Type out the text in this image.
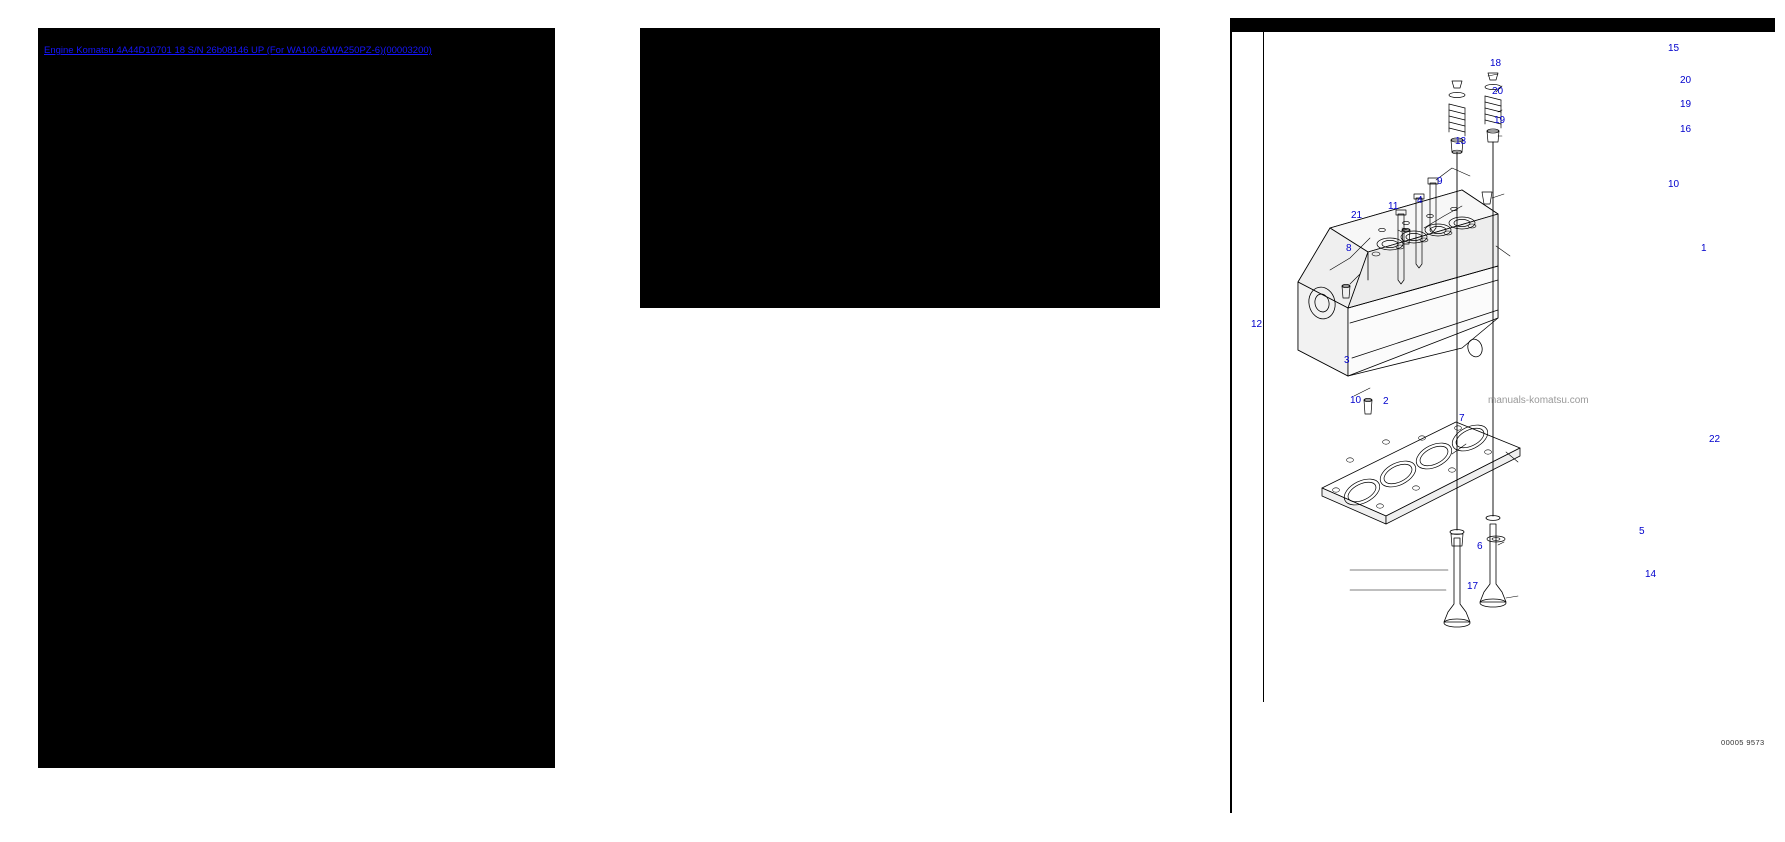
Engine Komatsu 4A44D10701 18 S/N 26b08146 UP (For WA100-6/WA250PZ-6)(00003200)	15
18
20
20
19
19
16
13
10
9
11
4
21
1
8
12
3
10 2
7
22
5
6
14
17
manuals-komatsu.com
00005 9573
